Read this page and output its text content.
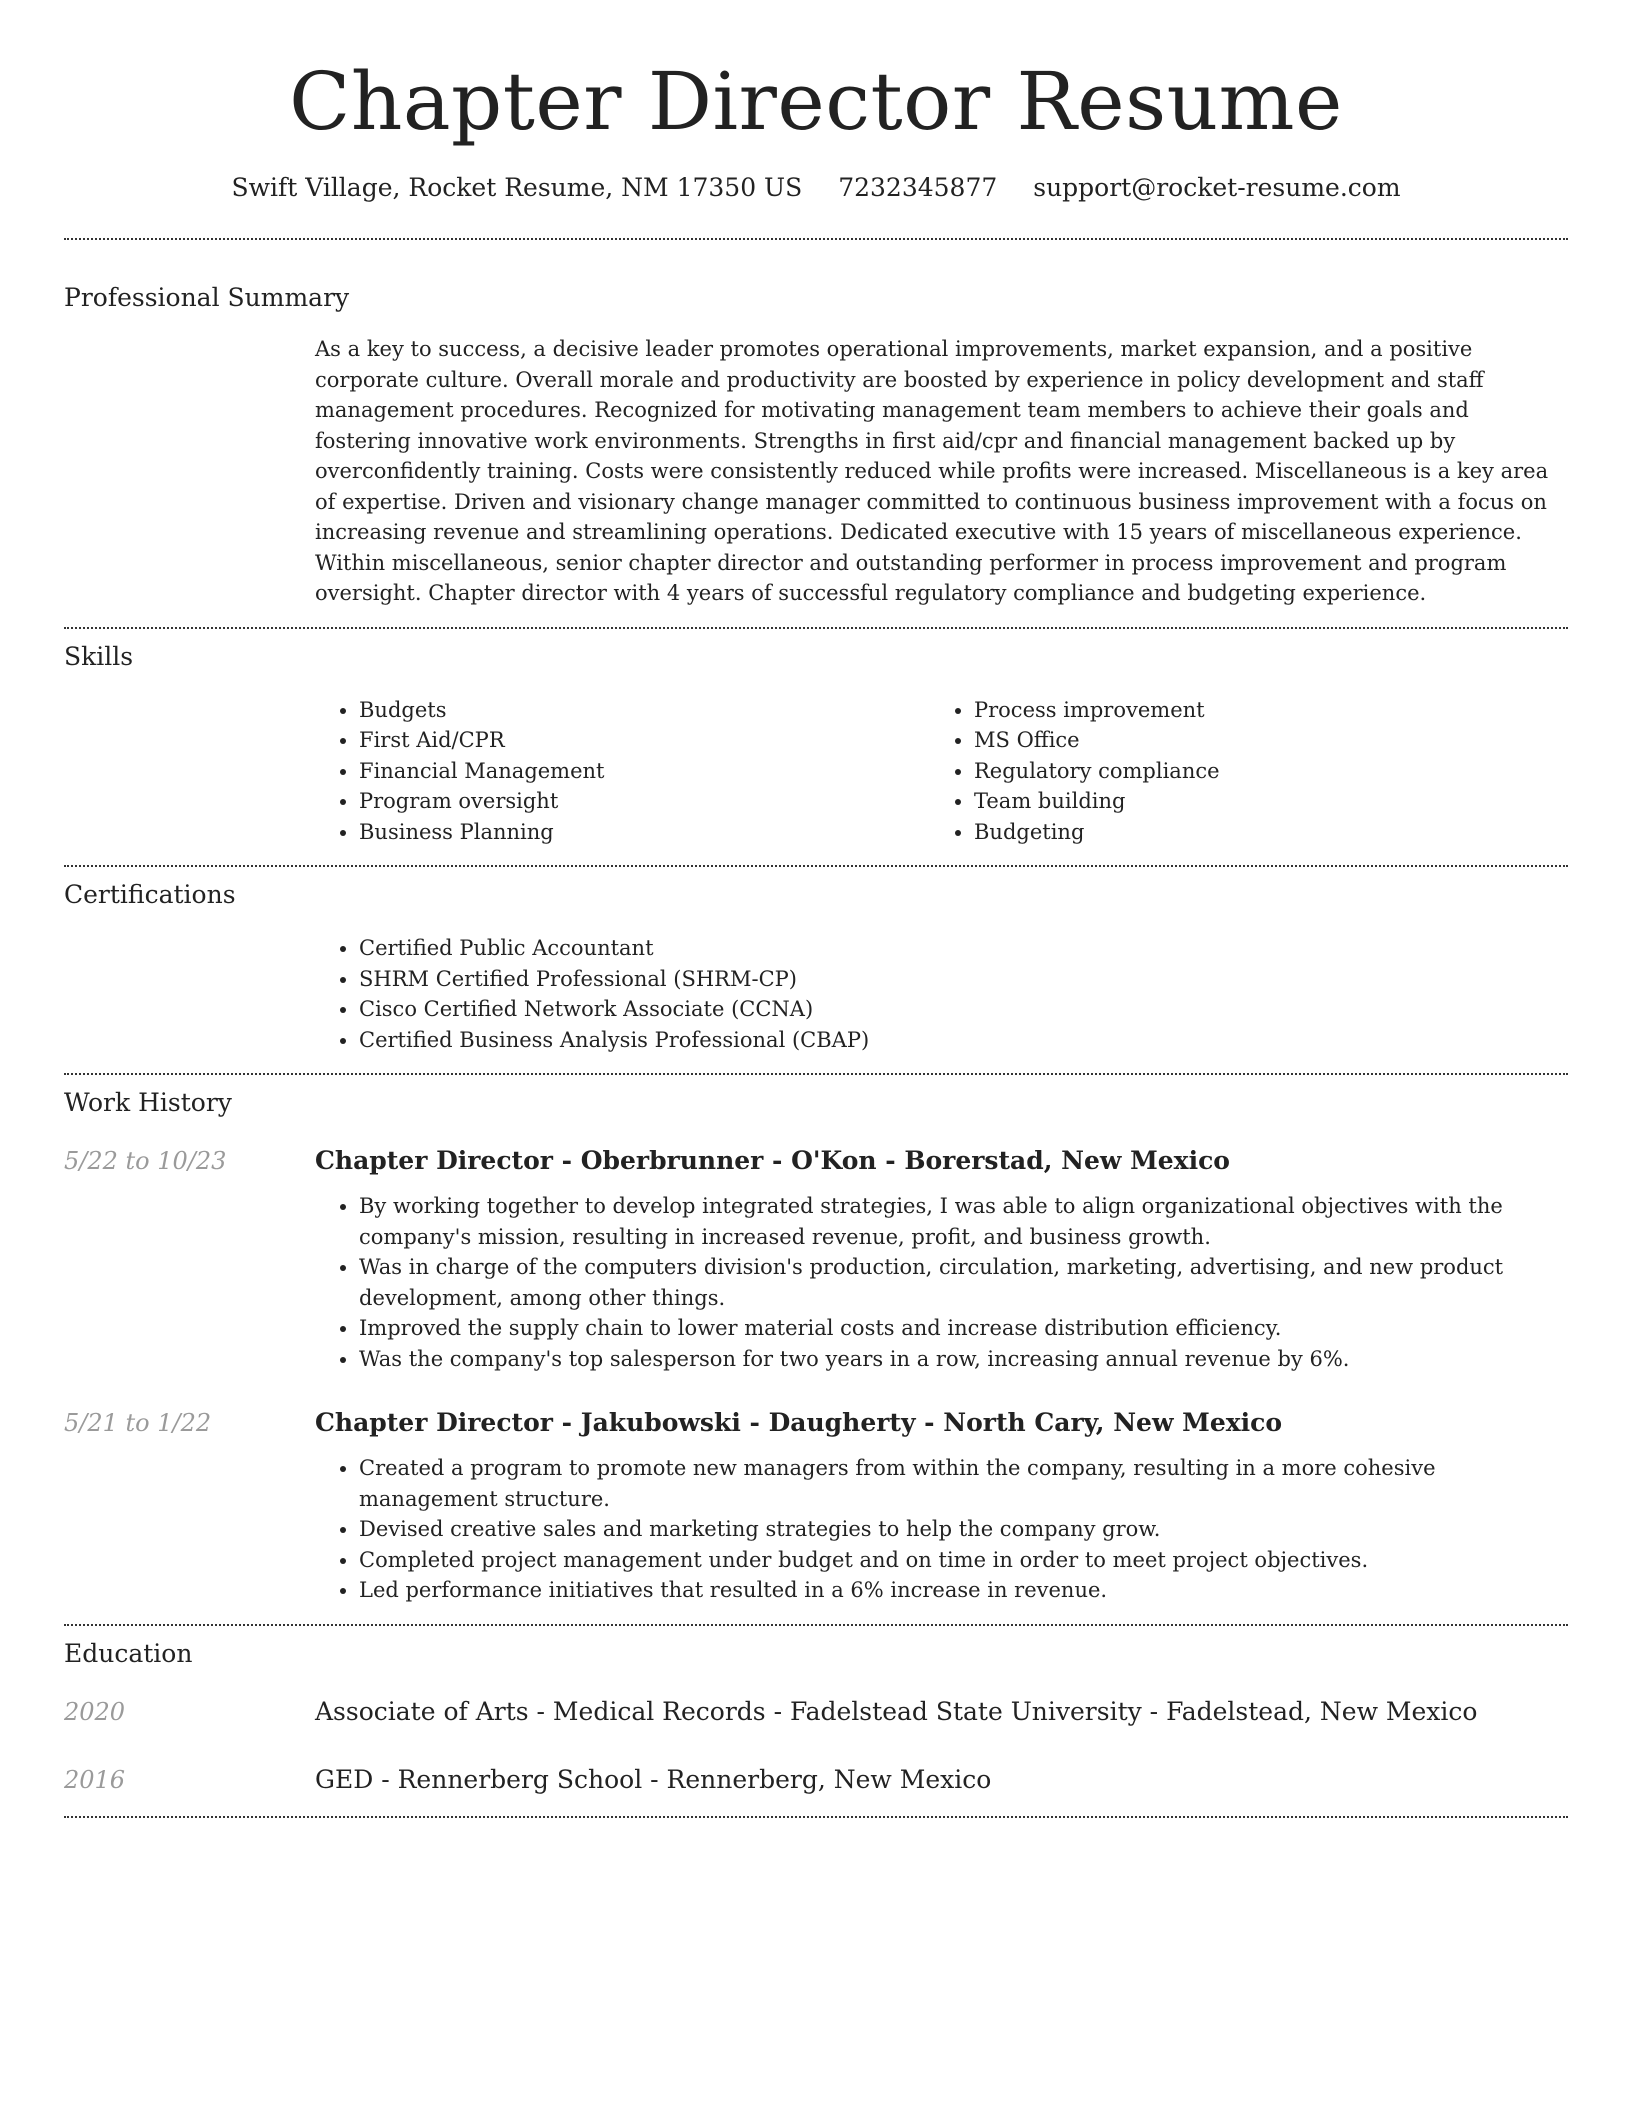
Chapter Director Resume
Swift Village, Rocket Resume, NM 17350 US 7232345877 support@rocket-resume.com
Professional Summary

As a key to success, a decisive leader promotes operational improvements, market expansion, and a positive corporate culture. Overall morale and productivity are boosted by experience in policy development and staff management procedures. Recognized for motivating management team members to achieve their goals and fostering innovative work environments. Strengths in first aid/cpr and financial management backed up by overconfidently training. Costs were consistently reduced while profits were increased. Miscellaneous is a key area of expertise. Driven and visionary change manager committed to continuous business improvement with a focus on increasing revenue and streamlining operations. Dedicated executive with 15 years of miscellaneous experience. Within miscellaneous, senior chapter director and outstanding performer in process improvement and program oversight. Chapter director with 4 years of successful regulatory compliance and budgeting experience.

Skills
• Budgets
• First Aid/CPR
• Financial Management
• Program oversight
• Business Planning
• Process improvement
• MS Office
• Regulatory compliance
• Team building
• Budgeting
Certifications
• Certified Public Accountant
• SHRM Certified Professional (SHRM-CP)
• Cisco Certified Network Associate (CCNA)
• Certified Business Analysis Professional (CBAP)
Work History
5/22 to 10/23	Chapter Director - Oberbrunner - O'Kon - Borerstad, New Mexico
• By working together to develop integrated strategies, I was able to align organizational objectives with the company's mission, resulting in increased revenue, profit, and business growth.
• Was in charge of the computers division's production, circulation, marketing, advertising, and new product development, among other things.
• Improved the supply chain to lower material costs and increase distribution efficiency.
• Was the company's top salesperson for two years in a row, increasing annual revenue by 6%.
5/21 to 1/22	Chapter Director - Jakubowski - Daugherty - North Cary, New Mexico
• Created a program to promote new managers from within the company, resulting in a more cohesive management structure.
• Devised creative sales and marketing strategies to help the company grow.
• Completed project management under budget and on time in order to meet project objectives.
• Led performance initiatives that resulted in a 6% increase in revenue.
Education
2020	Associate of Arts - Medical Records - Fadelstead State University - Fadelstead, New Mexico
2016	GED - Rennerberg School - Rennerberg, New Mexico
